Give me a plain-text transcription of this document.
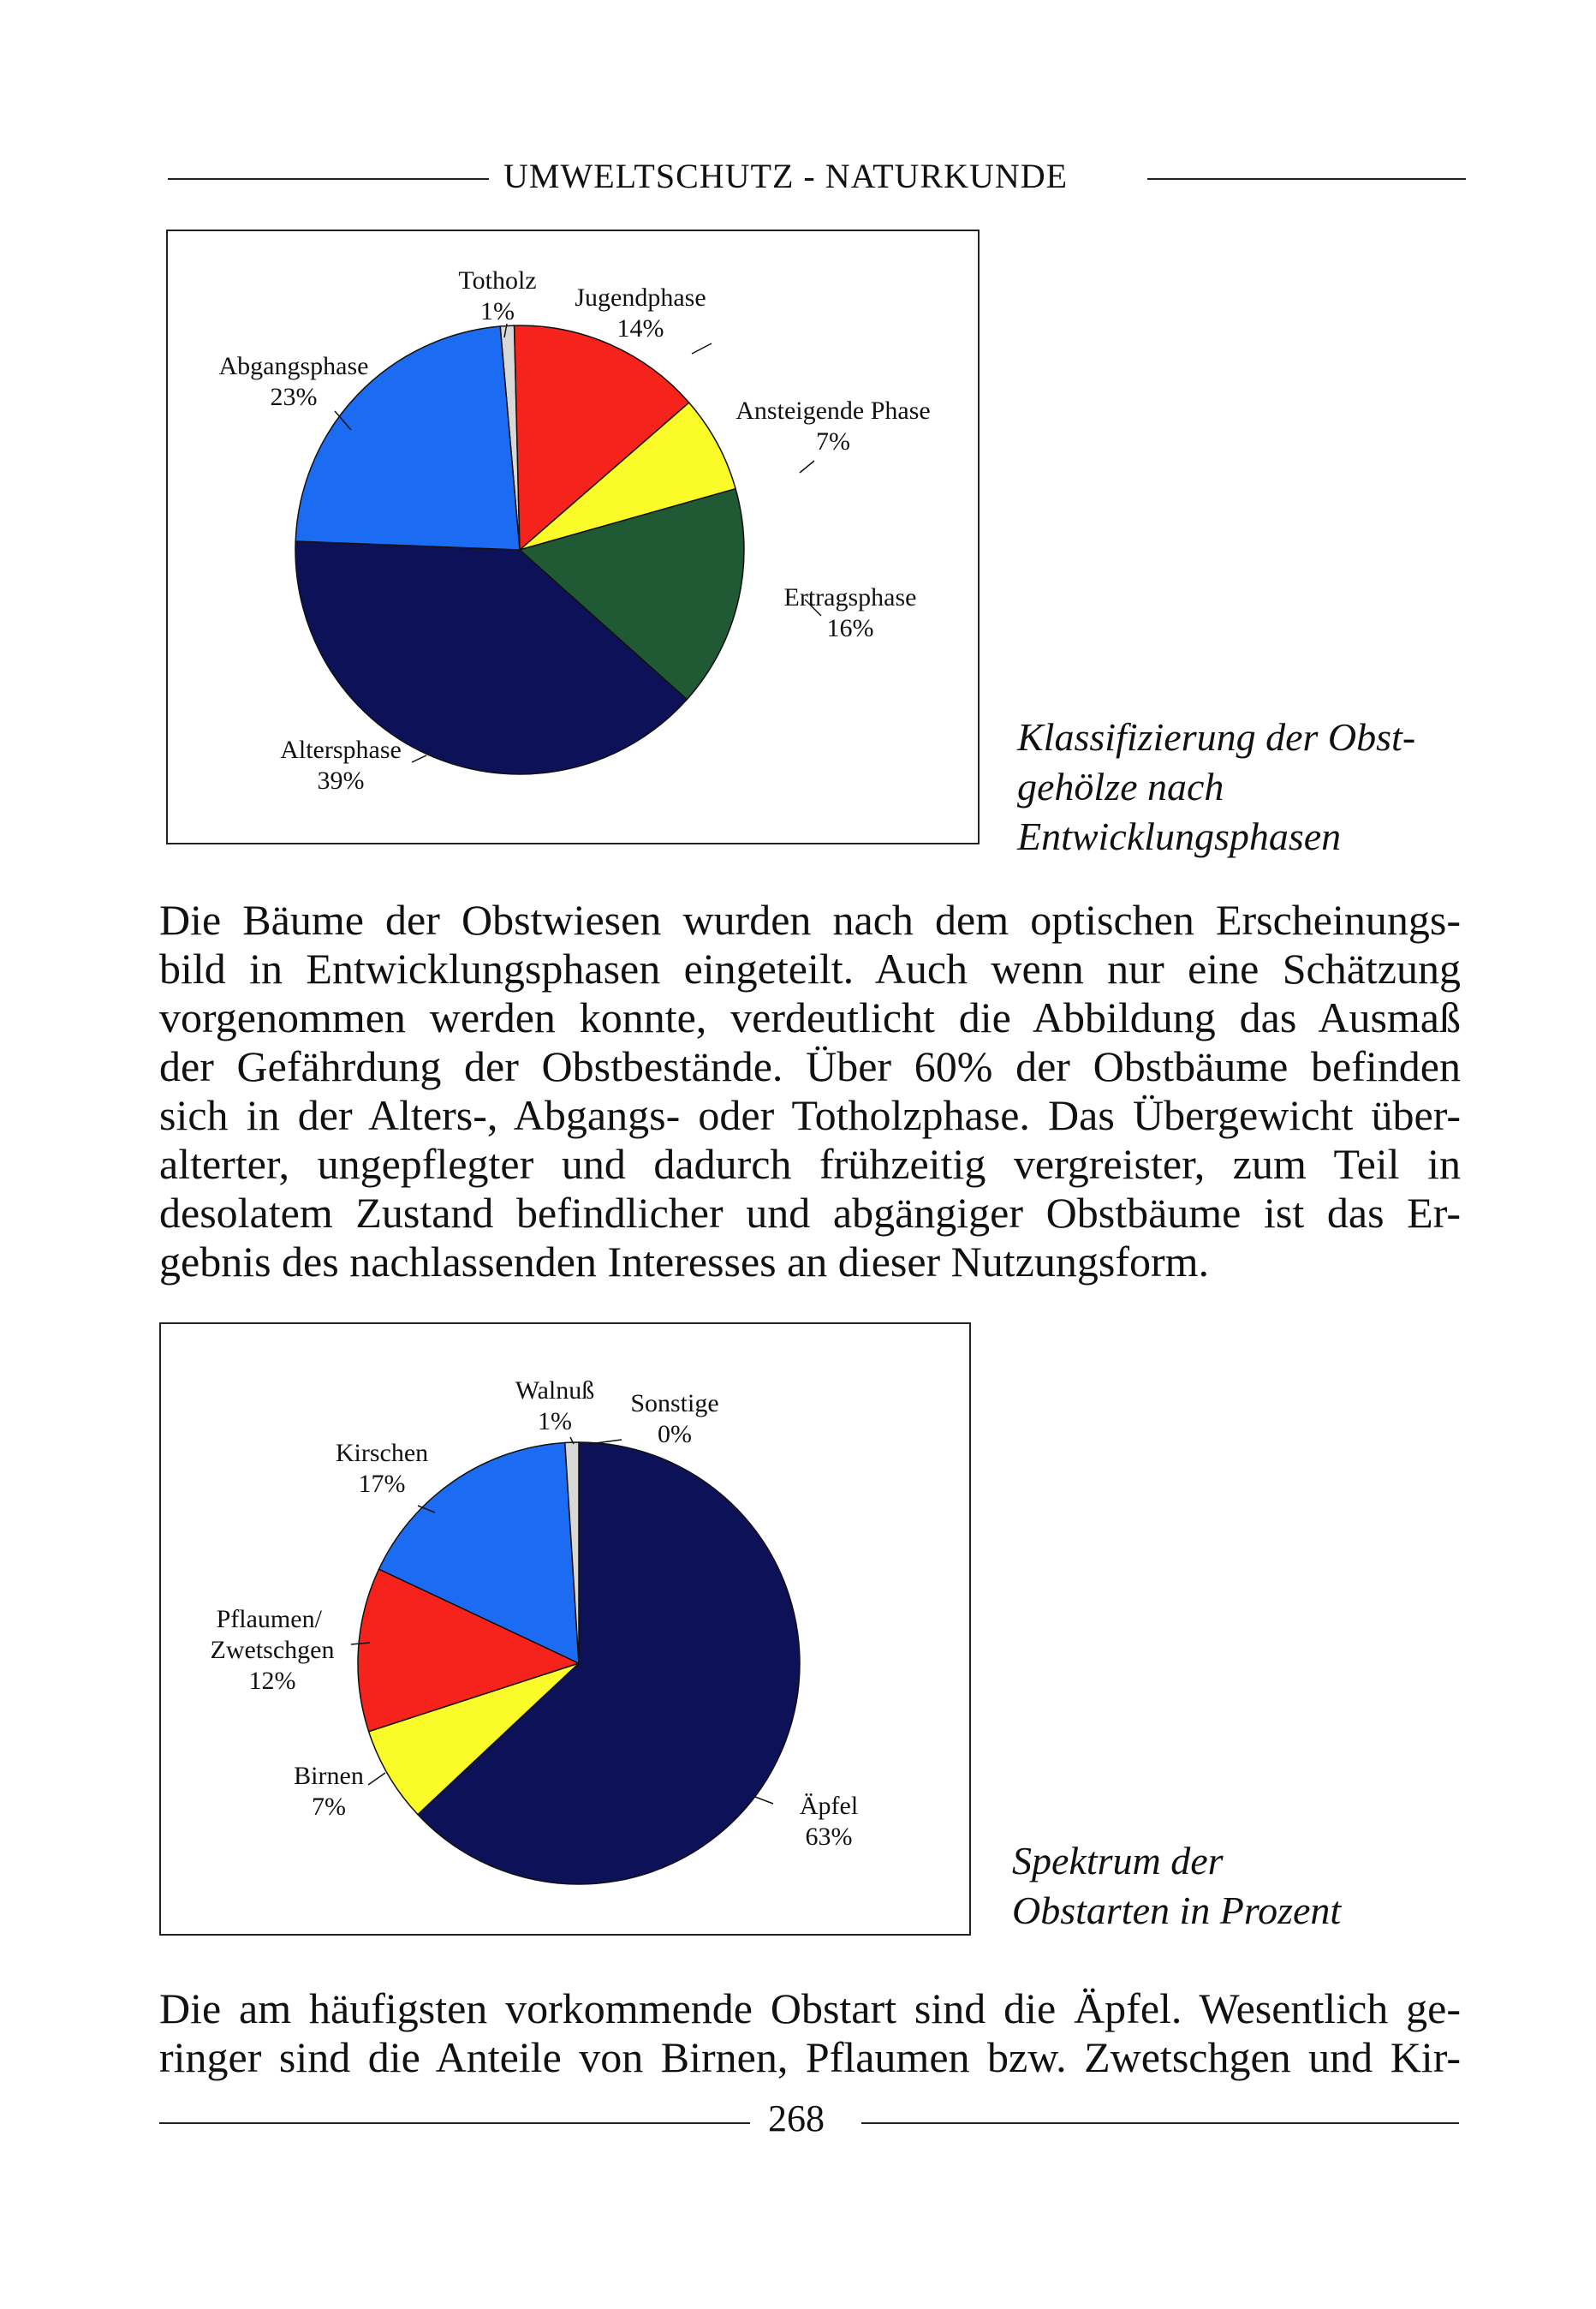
UMWELTSCHUTZ - NATURKUNDE
Totholz
1% Jugendphase
14%
Ansteigende Phase
7%
Ertragsphase
16%
Altersphase
39%
Abgangsphase
23%
Klassifizierung der Obst-
gehölze nach
Entwicklungsphasen
Die Bäume der Obstwiesen wurden nach dem optischen Erscheinungs-
bild in Entwicklungsphasen eingeteilt. Auch wenn nur eine Schätzung
vorgenommen werden konnte, verdeutlicht die Abbildung das Ausmaß
der Gefährdung der Obstbestände. Über 60% der Obstbäume befinden
sich in der Alters-, Abgangs- oder Totholzphase. Das Übergewicht über-
alterter, ungepflegter und dadurch frühzeitig vergreister, zum Teil in
desolatem Zustand befindlicher und abgängiger Obstbäume ist das Er-
gebnis des nachlassenden Interesses an dieser Nutzungsform.
Sonstige
0%
Äpfel
63%
Birnen
7%
Pflaumen/ Zwetschgen
12%
Kirschen
17%
Walnuß
1%
Spektrum der
Obstarten in Prozent
Die am häufigsten vorkommende Obstart sind die Äpfel. Wesentlich ge-
ringer sind die Anteile von Birnen, Pflaumen bzw. Zwetschgen und Kir-
268
